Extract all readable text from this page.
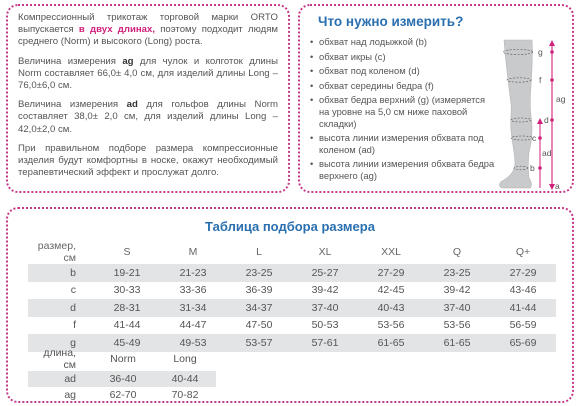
Компрессионный трикотаж торговой марки ORTO выпускается в двух длинах, поэтому подходит людям среднего (Norm) и высокого (Long) роста.

Величина измерения ag для чулок и колготок длины Norm составляет 66,0± 4,0 см, для изделий длины Long – 76,0±6,0 см.

Величина измерения ad для гольфов длины Norm составляет 38,0± 2,0 см, для изделий длины Long – 42,0±2,0 см.

При правильном подборе размера компрессионные изделия будут комфортны в носке, окажут необходимый терапевтический эффект и прослужат долго.

Что нужно измерить?
• обхват над лодыжкой (b)
• обхват икры (c)
• обхват под коленом (d)
• обхват середины бедра (f)
• обхват бедра верхний (g) (измеряется на уровне на 5,0 см ниже паховой складки)
• высота линии измерения обхвата под коленом (ad)
• высота линии измерения обхвата бедра верхнего (ag)
g
f
ag
d
ad
c
b
a
Таблица подбора размера
размер, см	S	M	L	XL	XXL	Q	Q+
b	19-21	21-23	23-25	25-27	27-29	23-25	27-29
c	30-33	33-36	36-39	39-42	42-45	39-42	43-46
d	28-31	31-34	34-37	37-40	40-43	37-40	41-44
f	41-44	44-47	47-50	50-53	53-56	53-56	56-59
g	45-49	49-53	53-57	57-61	61-65	61-65	65-69
длина, см	Norm	Long
ad	36-40	40-44
ag	62-70	70-82
